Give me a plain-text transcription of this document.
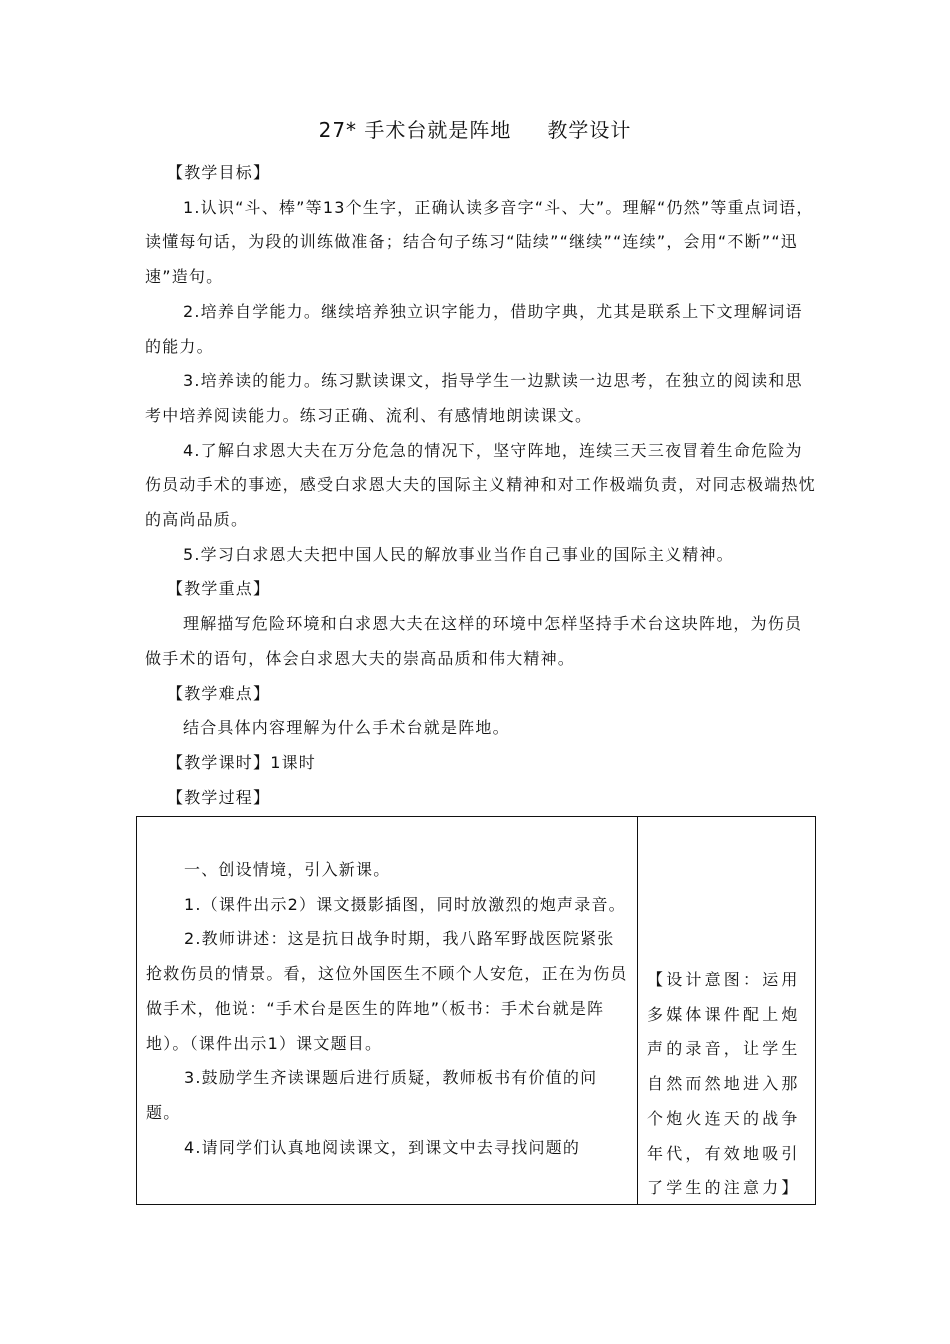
27* 手术台就是阵地 教学设计

【教学目标】

1.认识“斗、棒”等13个生字，正确认读多音字“斗、大”。理解“仍然”等重点词语，读懂每句话，为段的训练做准备；结合句子练习“陆续”“继续”“连续”，会用“不断”“迅速”造句。

2.培养自学能力。继续培养独立识字能力，借助字典，尤其是联系上下文理解词语的能力。

3.培养读的能力。练习默读课文，指导学生一边默读一边思考，在独立的阅读和思考中培养阅读能力。练习正确、流利、有感情地朗读课文。

4.了解白求恩大夫在万分危急的情况下，坚守阵地，连续三天三夜冒着生命危险为伤员动手术的事迹，感受白求恩大夫的国际主义精神和对工作极端负责，对同志极端热忱的高尚品质。

5.学习白求恩大夫把中国人民的解放事业当作自己事业的国际主义精神。

【教学重点】

理解描写危险环境和白求恩大夫在这样的环境中怎样坚持手术台这块阵地，为伤员做手术的语句，体会白求恩大夫的崇高品质和伟大精神。

【教学难点】

结合具体内容理解为什么手术台就是阵地。

【教学课时】1课时

【教学过程】

一、创设情境，引入新课。

1.（课件出示2）课文摄影插图，同时放激烈的炮声录音。

2.教师讲述：这是抗日战争时期，我八路军野战医院紧张抢救伤员的情景。看，这位外国医生不顾个人安危，正在为伤员做手术，他说：“手术台是医生的阵地”（板书：手术台就是阵地）。（课件出示1）课文题目。

3.鼓励学生齐读课题后进行质疑，教师板书有价值的问题。

4.请同学们认真地阅读课文，到课文中去寻找问题的

【设计意图：运用多媒体课件配上炮声的录音，让学生自然而然地进入那个炮火连天的战争年代，有效地吸引了学生的注意力】
